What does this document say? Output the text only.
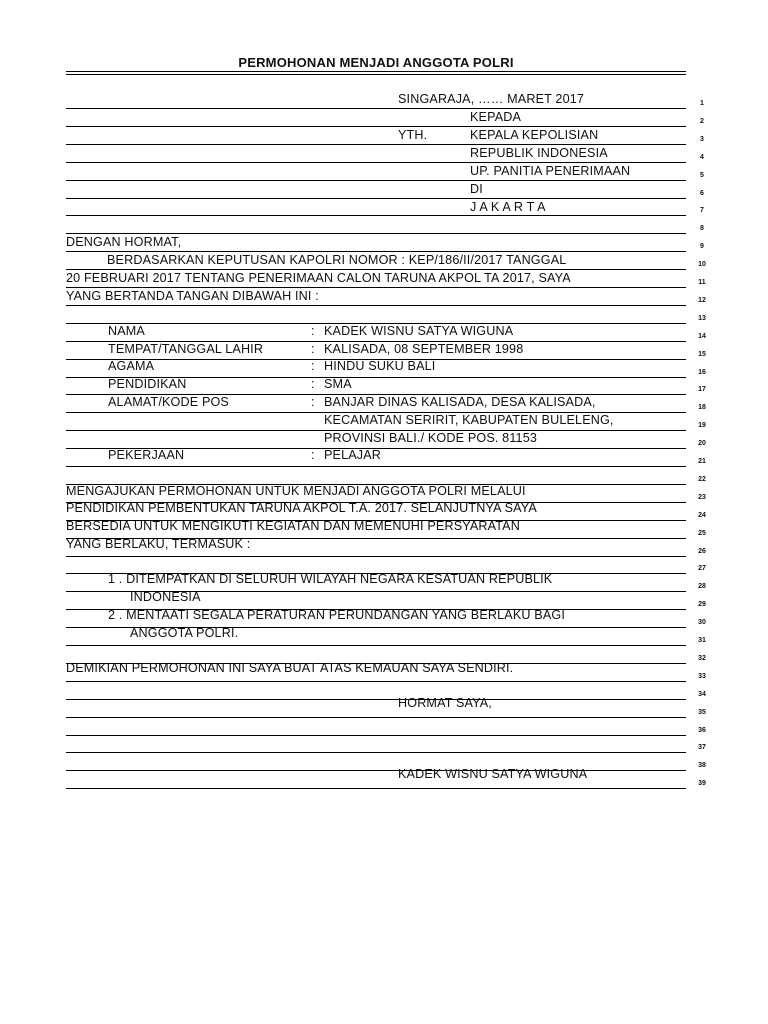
PERMOHONAN MENJADI ANGGOTA POLRI
1
2
3
4
5
6
7
8
9
10
11
12
13
14
15
16
17
18
19
20
21
22
23
24
25
26
27
28
29
30
31
32
33
34
35
36
37
38
39
SINGARAJA, …… MARET 2017
KEPADA
YTH.	KEPALA KEPOLISIAN
REPUBLIK INDONESIA
UP. PANITIA PENERIMAAN
DI
J A K A R T A
DENGAN HORMAT,
BERDASARKAN KEPUTUSAN KAPOLRI NOMOR : KEP/186/II/2017 TANGGAL
20 FEBRUARI 2017 TENTANG PENERIMAAN CALON TARUNA AKPOL TA 2017, SAYA
YANG BERTANDA TANGAN DIBAWAH INI :
NAMA	: KADEK WISNU SATYA WIGUNA
TEMPAT/TANGGAL LAHIR	: KALISADA, 08 SEPTEMBER 1998
AGAMA	: HINDU SUKU BALI
PENDIDIKAN	: SMA
ALAMAT/KODE POS	: BANJAR DINAS KALISADA, DESA KALISADA,
KECAMATAN SERIRIT, KABUPATEN BULELENG,
PROVINSI BALI./ KODE POS. 81153
PEKERJAAN	: PELAJAR
MENGAJUKAN PERMOHONAN UNTUK MENJADI ANGGOTA POLRI MELALUI
PENDIDIKAN PEMBENTUKAN TARUNA AKPOL T.A. 2017. SELANJUTNYA SAYA
BERSEDIA UNTUK MENGIKUTI KEGIATAN DAN MEMENUHI PERSYARATAN
YANG BERLAKU, TERMASUK :
1 . DITEMPATKAN DI SELURUH WILAYAH NEGARA KESATUAN REPUBLIK
INDONESIA
2 . MENTAATI SEGALA PERATURAN PERUNDANGAN YANG BERLAKU BAGI
ANGGOTA POLRI.
DEMIKIAN PERMOHONAN INI SAYA BUAT ATAS KEMAUAN SAYA SENDIRI.
HORMAT SAYA,
KADEK WISNU SATYA WIGUNA
